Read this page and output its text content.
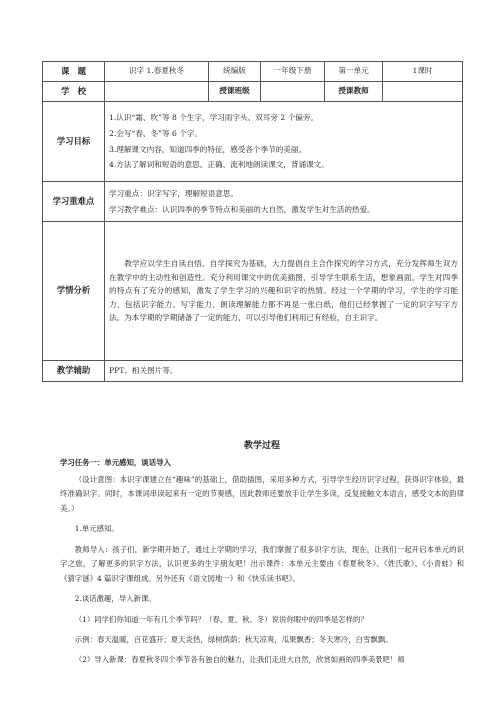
课　题	识字 1.春夏秋冬	统编版	一年级下册	第一单元	1课时
学　校		授课班级		授课教师	
学习目标	1.认识“霜、吹”等 8 个生字，学习雨字头、双耳旁 2 个偏旁。
2.会写“春、冬”等 6 个字。
3.理解课文内容，知道四季的特征，感受各个季节的美丽。
4.方法了解词和短语的意思。正确、流利地朗读课文，背诵课文。				

学习重难点	学习重点：识字写字，理解短语意思。
学习教学难点：认识四季的季节特点和美丽的大自然，激发学生对生活的热爱。				

学情分析	教学应以学生自读自悟、自学探究为基础，大力提倡自主合作探究的学习方式，充分发挥师生双方在教学中的主动性和创造性。充分利用课文中的优美插图，引导学生联系生活，想象画面。学生对四季的特点有了充分的感知，激发了学生学习的兴趣和识字的热情。经过一个学期的学习，学生的学习能力，包括识字能力、写字能力、朗读理解能力都不再是一张白纸，他们已经掌握了一定的识字写字方法，为本学期的学期储备了一定的能力，可以引导他们利用已有经验，自主识字。				
教学辅助	PPT、相关图片等。				
教学过程
学习任务一：单元感知，谈话导入

（设计意图：本识字课建立在“趣味”的基础上，借助插图，采用多种方式，引导学生经历识字过程，获得识字体验，最终准确识字。同时，本课词串读起来有一定的节奏感，因此教师还要放手让学生多读，反复接触文本语言，感受文本的韵律美。）

1.单元感知。

教师导入：孩子们，新学期开始了，通过上学期的学习，我们掌握了很多识字方法，现在，让我们一起开启本单元的识字之旅，了解更多的识字方法，认识更多的生字朋友吧！出示课件：本单元主要由《春夏秋冬》、《姓氏歌》、《小青蛙》和《猜字谜》4 篇识字课组成。另外还有《语文园地一》和《快乐读书吧》。

2.谈话激趣，导入新课。

（1）同学们你知道一年有几个季节吗？（春、夏、秋、冬）说说你眼中的四季是怎样的？

示例：春天温暖，百花盛开；夏天炎热，绿树荫荫；秋天凉爽，瓜果飘香；冬天寒冷，白雪飘飘。

（2）导入新课：春夏秋冬四个季节各有独自的魅力，让我们走进大自然，欣赏如画的四季美景吧！师
